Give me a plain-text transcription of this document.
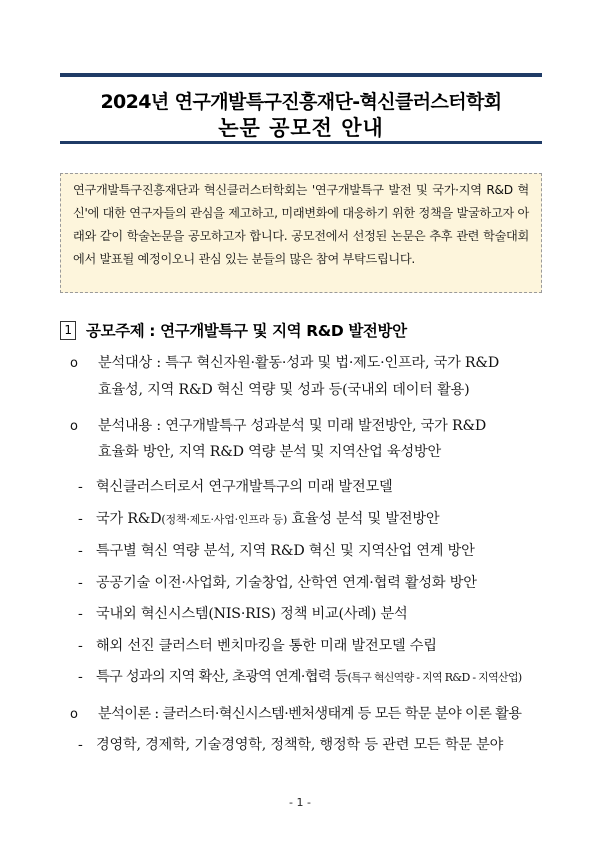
2024년 연구개발특구진흥재단-혁신클러스터학회
논문 공모전 안내
연구개발특구진흥재단과 혁신클러스터학회는 '연구개발특구 발전 및 국가·지역 R&D 혁신'에 대한 연구자들의 관심을 제고하고, 미래변화에 대응하기 위한 정책을 발굴하고자 아래와 같이 학술논문을 공모하고자 합니다. 공모전에서 선정된 논문은 추후 관련 학술대회에서 발표될 예정이오니 관심 있는 분들의 많은 참여 부탁드립니다.
1 공모주제 : 연구개발특구 및 지역 R&D 발전방안
o 분석대상 : 특구 혁신자원·활동·성과 및 법·제도·인프라, 국가 R&D
효율성, 지역 R&D 혁신 역량 및 성과 등(국내외 데이터 활용)
o 분석내용 : 연구개발특구 성과분석 및 미래 발전방안, 국가 R&D
효율화 방안, 지역 R&D 역량 분석 및 지역산업 육성방안
- 혁신클러스터로서 연구개발특구의 미래 발전모델
- 국가 R&D(정책·제도·사업·인프라 등) 효율성 분석 및 발전방안
- 특구별 혁신 역량 분석, 지역 R&D 혁신 및 지역산업 연계 방안
- 공공기술 이전·사업화, 기술창업, 산학연 연계·협력 활성화 방안
- 국내외 혁신시스템(NIS·RIS) 정책 비교(사례) 분석
- 해외 선진 클러스터 벤치마킹을 통한 미래 발전모델 수립
- 특구 성과의 지역 확산, 초광역 연계·협력 등(특구 혁신역량 - 지역 R&D - 지역산업)
o 분석이론 : 클러스터·혁신시스템·벤처생태계 등 모든 학문 분야 이론 활용
- 경영학, 경제학, 기술경영학, 정책학, 행정학 등 관련 모든 학문 분야
- 1 -
